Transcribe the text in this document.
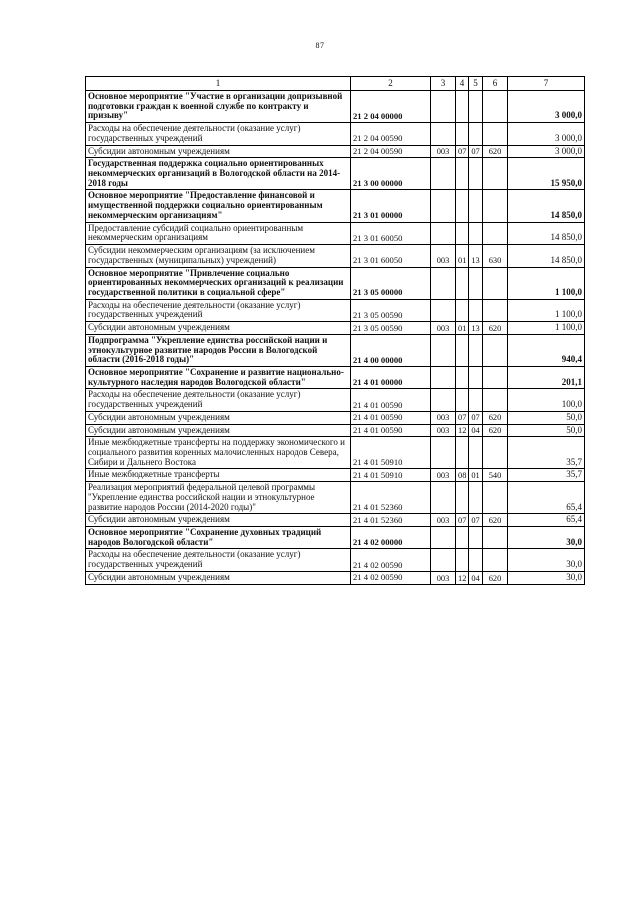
87
1	2	3	4	5	6	7
Основное мероприятие "Участие в организации допризывной подготовки граждан к военной службе по контракту и призыву"	21 2 04 00000					3 000,0
Расходы на обеспечение деятельности (оказание услуг) государственных учреждений	21 2 04 00590					3 000,0
Субсидии автономным учреждениям	21 2 04 00590	003	07	07	620	3 000,0
Государственная поддержка социально ориентированных некоммерческих организаций в Вологодской области на 2014-2018 годы	21 3 00 00000					15 950,0
Основное мероприятие "Предоставление финансовой и имущественной поддержки социально ориентированным некоммерческим организациям"	21 3 01 00000					14 850,0
Предоставление субсидий социально ориентированным некоммерческим организациям	21 3 01 60050					14 850,0
Субсидии некоммерческим организациям (за исключением государственных (муниципальных) учреждений)	21 3 01 60050	003	01	13	630	14 850,0
Основное мероприятие "Привлечение социально ориентированных некоммерческих организаций к реализации государственной политики в социальной сфере"	21 3 05 00000					1 100,0
Расходы на обеспечение деятельности (оказание услуг) государственных учреждений	21 3 05 00590					1 100,0
Субсидии автономным учреждениям	21 3 05 00590	003	01	13	620	1 100,0
Подпрограмма "Укрепление единства российской нации и этнокультурное развитие народов России в Вологодской области (2016-2018 годы)"	21 4 00 00000					940,4
Основное мероприятие "Сохранение и развитие национально-культурного наследия народов Вологодской области"	21 4 01 00000					201,1
Расходы на обеспечение деятельности (оказание услуг) государственных учреждений	21 4 01 00590					100,0
Субсидии автономным учреждениям	21 4 01 00590	003	07	07	620	50,0
Субсидии автономным учреждениям	21 4 01 00590	003	12	04	620	50,0
Иные межбюджетные трансферты на поддержку экономического и социального развития коренных малочисленных народов Севера, Сибири и Дальнего Востока	21 4 01 50910					35,7
Иные межбюджетные трансферты	21 4 01 50910	003	08	01	540	35,7
Реализация мероприятий федеральной целевой программы "Укрепление единства российской нации и этнокультурное развитие народов России (2014-2020 годы)"	21 4 01 52360					65,4
Субсидии автономным учреждениям	21 4 01 52360	003	07	07	620	65,4
Основное мероприятие "Сохранение духовных традиций народов Вологодской области"	21 4 02 00000					30,0
Расходы на обеспечение деятельности (оказание услуг) государственных учреждений	21 4 02 00590					30,0
Субсидии автономным учреждениям	21 4 02 00590	003	12	04	620	30,0
